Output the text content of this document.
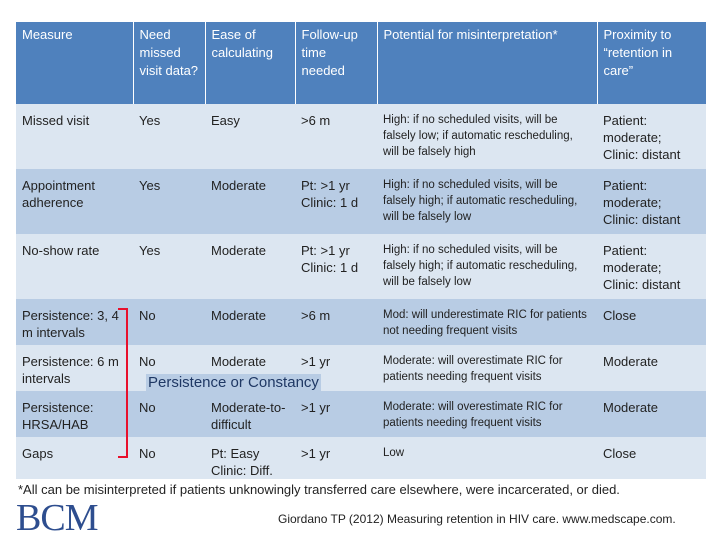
Measure	Need missed visit data?	Ease of calculating	Follow-up time needed	Potential for misinterpretation*	Proximity to “retention in care”
Missed visit	Yes	Easy	>6 m	High: if no scheduled visits, will be falsely low; if automatic rescheduling, will be falsely high	Patient: moderate; Clinic: distant
Appointment adherence	Yes	Moderate	Pt: >1 yr Clinic: 1 d	High: if no scheduled visits, will be falsely high; if automatic rescheduling, will be falsely low	Patient: moderate; Clinic: distant
No-show rate	Yes	Moderate	Pt: >1 yr Clinic: 1 d	High: if no scheduled visits, will be falsely high; if automatic rescheduling, will be falsely low	Patient: moderate; Clinic: distant
Persistence: 3, 4 m intervals	No	Moderate	>6 m	Mod: will underestimate RIC for patients not needing frequent visits	Close
Persistence: 6 m intervals	No	Moderate	>1 yr	Moderate: will overestimate RIC for patients needing frequent visits	Moderate
Persistence: HRSA/HAB	No	Moderate-to-difficult	>1 yr	Moderate: will overestimate RIC for patients needing frequent visits	Moderate
Gaps	No	Pt: Easy Clinic: Diff.	>1 yr	Low	Close
Persistence or Constancy
*All can be misinterpreted if patients unknowingly transferred care elsewhere, were incarcerated, or died.
BCM	Giordano TP (2012) Measuring retention in HIV care. www.medscape.com.
